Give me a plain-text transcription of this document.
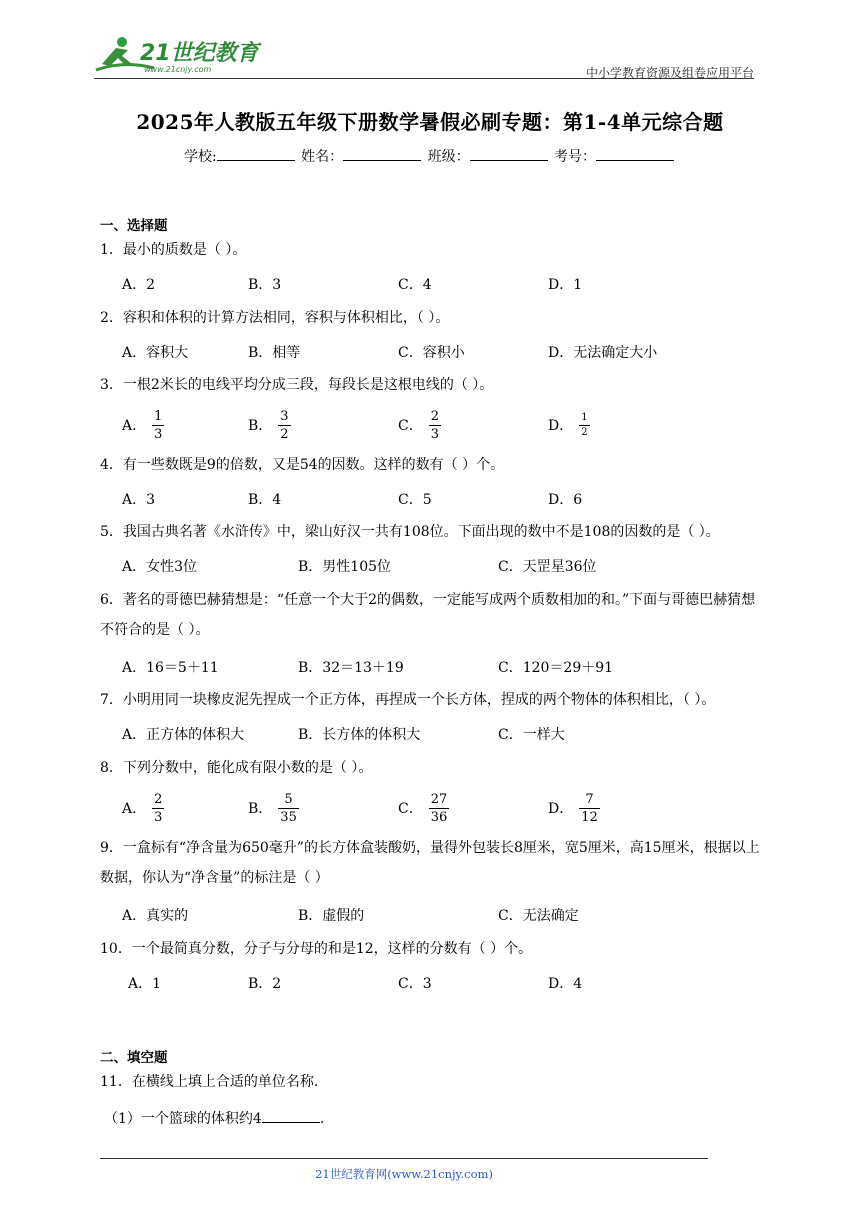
21世纪教育
www.21cnjy.com	中小学教育资源及组卷应用平台
2025年人教版五年级下册数学暑假必刷专题：第1-4单元综合题
学校:	姓名：	班级：	考号：
一、选择题
1．最小的质数是（ ）。
A．2	B．3	C．4	D．1
2．容积和体积的计算方法相同，容积与体积相比，（ ）。
A．容积大	B．相等	C．容积小	D．无法确定大小
3．一根2米长的电线平均分成三段，每段长是这根电线的（ ）。
A． $\frac{1}{3}$	B． $\frac{3}{2}$	C． $\frac{2}{3}$	D． $\frac{1}{2}$
4．有一些数既是9的倍数，又是54的因数。这样的数有（ ）个。
A．3	B．4	C．5	D．6
5．我国古典名著《水浒传》中，梁山好汉一共有108位。下面出现的数中不是108的因数的是（ ）。
A．女性3位	B．男性105位	C．天罡星36位
6．著名的哥德巴赫猜想是：“任意一个大于2的偶数，一定能写成两个质数相加的和。”下面与哥德巴赫猜想不符合的是（ ）。
A．16＝5＋11	B．32＝13＋19	C．120＝29＋91
7．小明用同一块橡皮泥先捏成一个正方体，再捏成一个长方体，捏成的两个物体的体积相比，（ ）。
A．正方体的体积大	B．长方体的体积大	C．一样大
8．下列分数中，能化成有限小数的是（ ）。
A． $\frac{2}{3}$	B． $\frac{5}{35}$	C． $\frac{27}{36}$	D． $\frac{7}{12}$
9．一盒标有“净含量为650毫升”的长方体盒装酸奶，量得外包装长8厘米，宽5厘米，高15厘米，根据以上数据，你认为“净含量”的标注是（ ）
A．真实的	B．虚假的	C．无法确定
10．一个最简真分数，分子与分母的和是12，这样的分数有（ ）个。
A．1	B．2	C．3	D．4
二、填空题
11．在横线上填上合适的单位名称.
（1）一个篮球的体积约4	.
21世纪教育网(www.21cnjy.com)
